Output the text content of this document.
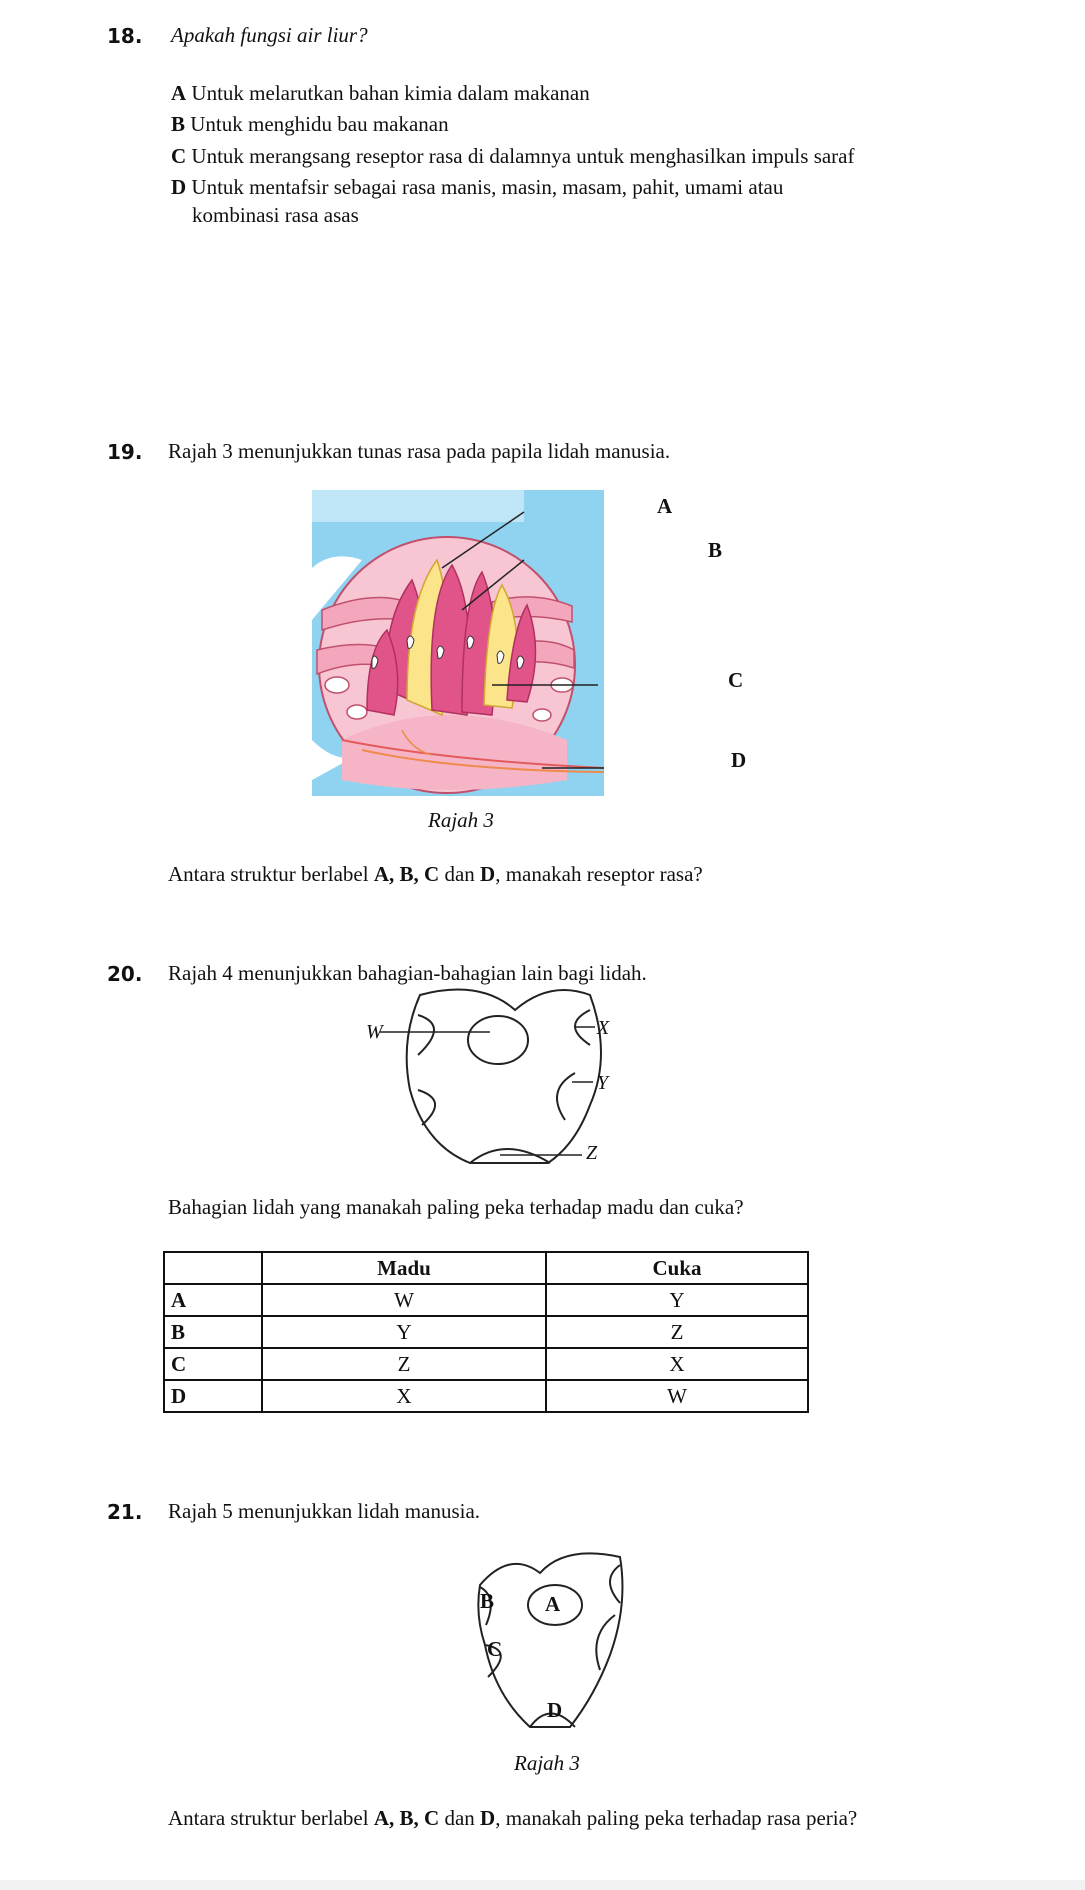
18. Apakah fungsi air liur?
A Untuk melarutkan bahan kimia dalam makanan
B Untuk menghidu bau makanan
C Untuk merangsang reseptor rasa di dalamnya untuk menghasilkan impuls saraf
D Untuk mentafsir sebagai rasa manis, masin, masam, pahit, umami atau
kombinasi rasa asas
19. Rajah 3 menunjukkan tunas rasa pada papila lidah manusia.
A
B
C
D
Rajah 3
Antara struktur berlabel A, B, C dan D, manakah reseptor rasa?
20. Rajah 4 menunjukkan bahagian-bahagian lain bagi lidah.
W	X
Y
Z
Bahagian lidah yang manakah paling peka terhadap madu dan cuka?
	Madu	Cuka
A	W	Y
B	Y	Z
C	Z	X
D	X	W
21. Rajah 5 menunjukkan lidah manusia.
B A
C
D
Rajah 3
Antara struktur berlabel A, B, C dan D, manakah paling peka terhadap rasa peria?
